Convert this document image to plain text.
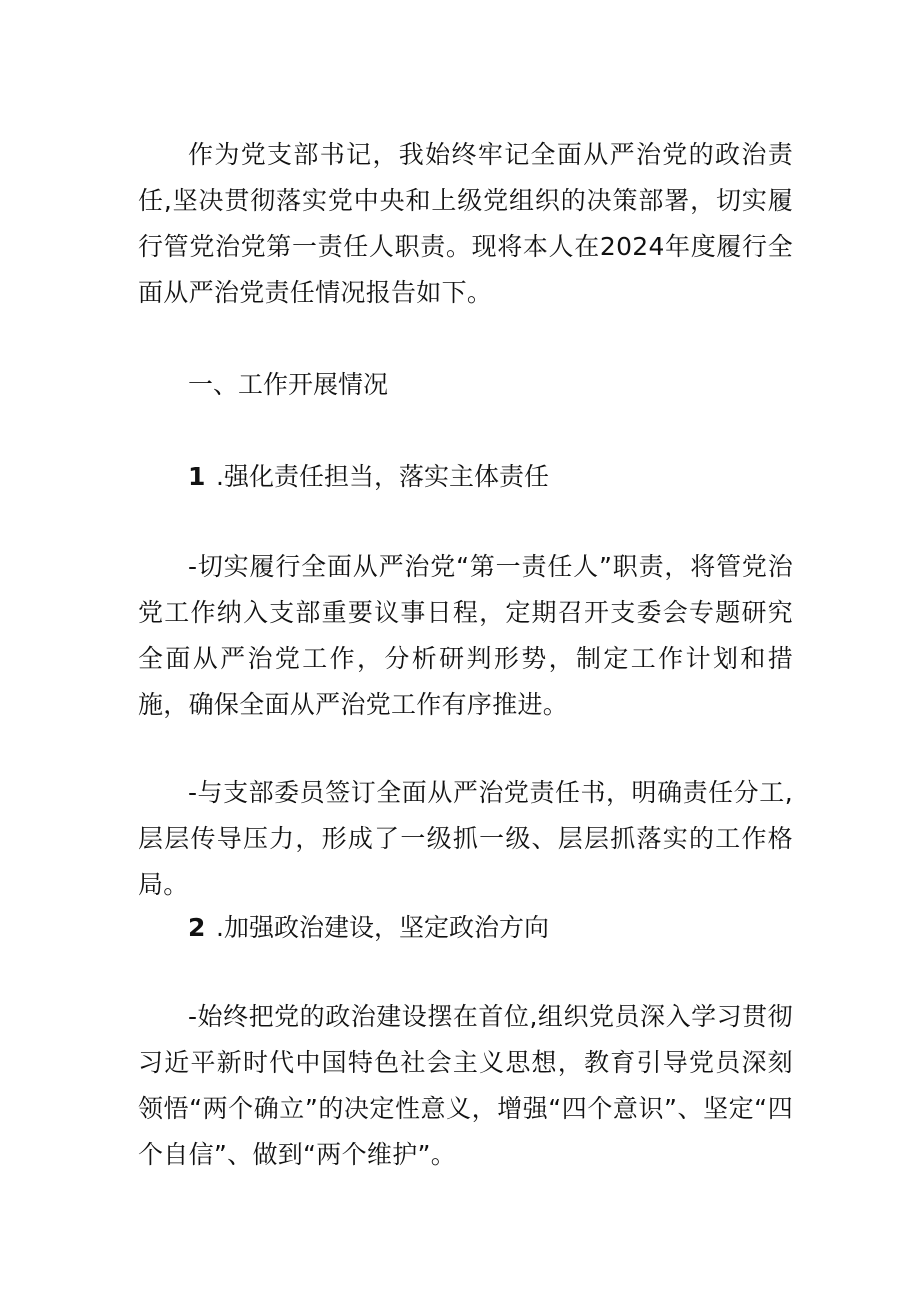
作为党支部书记，我始终牢记全面从严治党的政治责任,坚决贯彻落实党中央和上级党组织的决策部署，切实履行管党治党第一责任人职责。现将本人在2024年度履行全面从严治党责任情况报告如下。

一、工作开展情况

1 .强化责任担当，落实主体责任

-切实履行全面从严治党“第一责任人”职责，将管党治党工作纳入支部重要议事日程，定期召开支委会专题研究全面从严治党工作，分析研判形势，制定工作计划和措施，确保全面从严治党工作有序推进。

-与支部委员签订全面从严治党责任书，明确责任分工,层层传导压力，形成了一级抓一级、层层抓落实的工作格局。

2 .加强政治建设，坚定政治方向

-始终把党的政治建设摆在首位,组织党员深入学习贯彻习近平新时代中国特色社会主义思想，教育引导党员深刻领悟“两个确立”的决定性意义，增强“四个意识”、坚定“四个自信”、做到“两个维护”。
